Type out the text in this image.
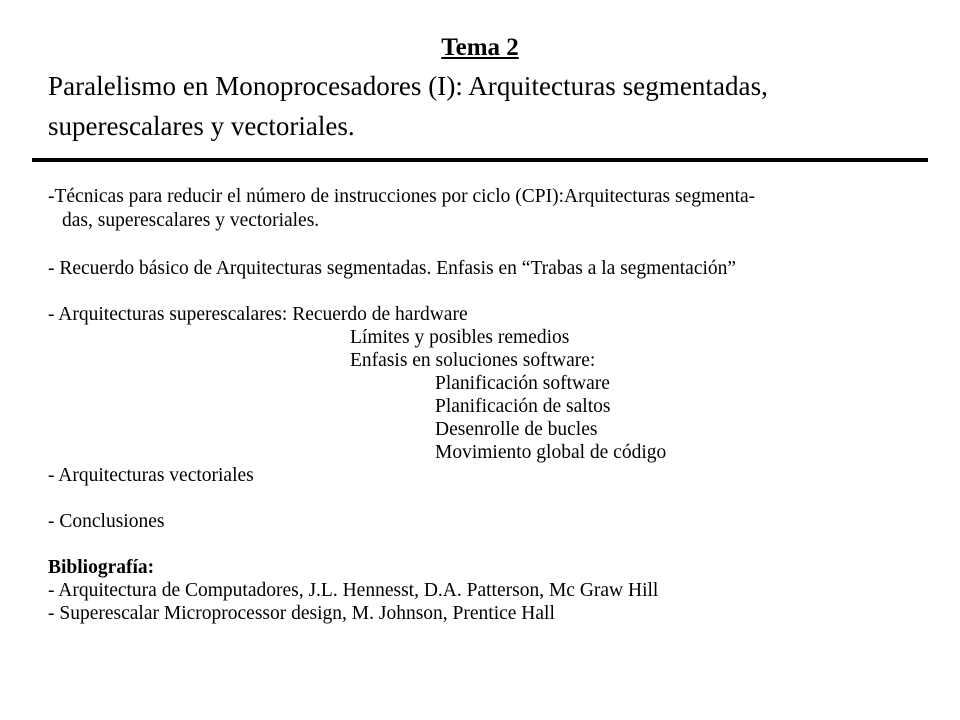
Tema 2
Paralelismo en Monoprocesadores (I): Arquitecturas segmentadas,
superescalares y vectoriales.
-Técnicas para reducir el número de instrucciones por ciclo (CPI):Arquitecturas segmenta-
das, superescalares y vectoriales.
- Recuerdo básico de Arquitecturas segmentadas. Enfasis en “Trabas a la segmentación”
- Arquitecturas superescalares: Recuerdo de hardware
Límites y posibles remedios
Enfasis en soluciones software:
Planificación software
Planificación de saltos
Desenrolle de bucles
Movimiento global de código
- Arquitecturas vectoriales
- Conclusiones
Bibliografía:
- Arquitectura de Computadores, J.L. Hennesst, D.A. Patterson, Mc Graw Hill
- Superescalar Microprocessor design, M. Johnson, Prentice Hall
